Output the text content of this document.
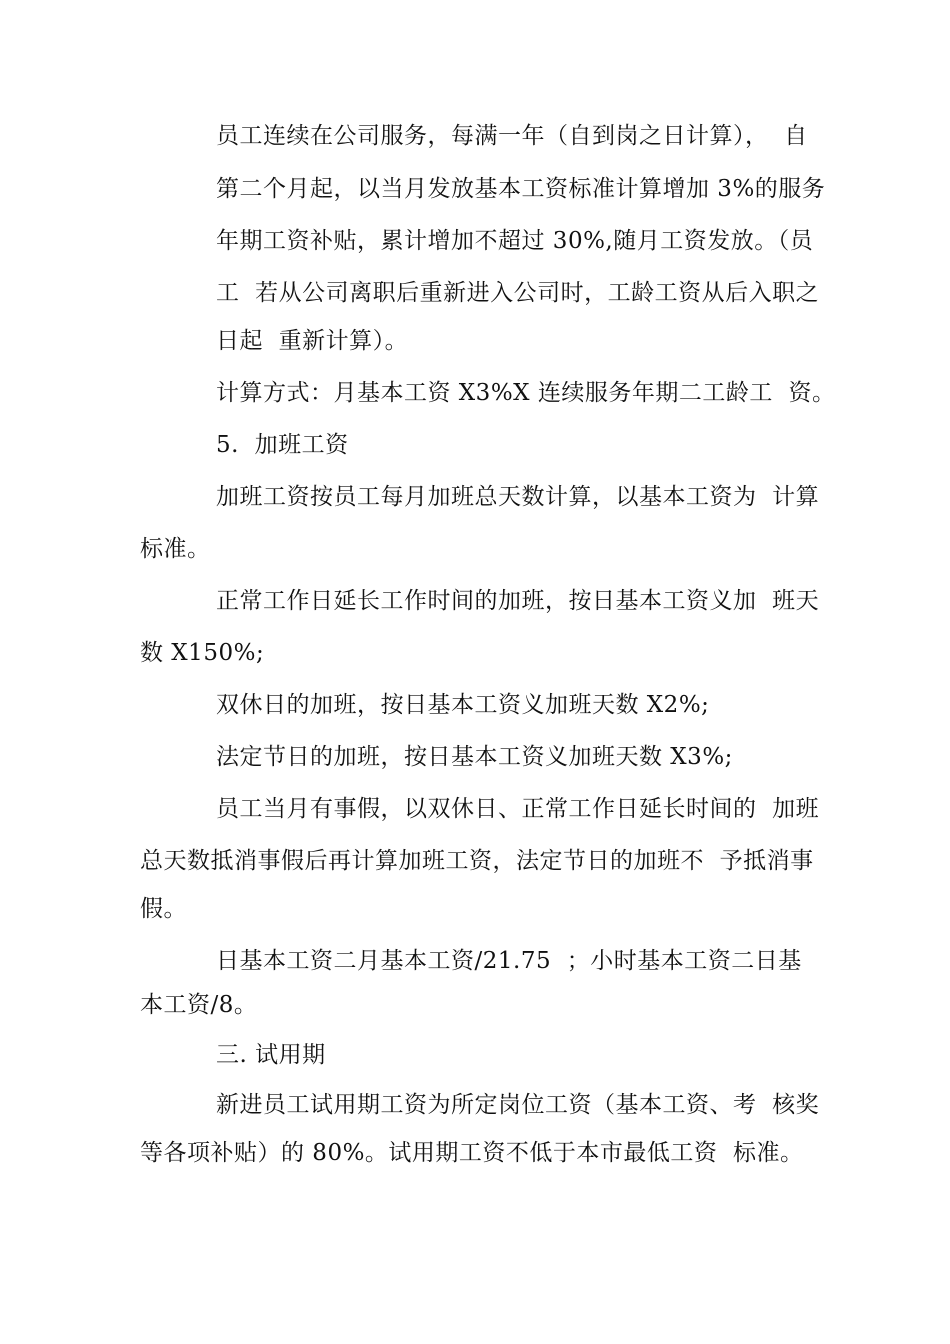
员工连续在公司服务，每满一年（自到岗之日计算），  自
第二个月起，以当月发放基本工资标准计算增加 3%的服务
年期工资补贴，累计增加不超过 30%,随月工资发放。（员
工  若从公司离职后重新进入公司时，工龄工资从后入职之
日起  重新计算）。
计算方式：月基本工资 X3%X 连续服务年期二工龄工  资。
5.  加班工资
加班工资按员工每月加班总天数计算，以基本工资为  计算
标准。
正常工作日延长工作时间的加班，按日基本工资义加  班天
数 X150%;
双休日的加班，按日基本工资义加班天数 X2%;
法定节日的加班，按日基本工资义加班天数 X3%;
员工当月有事假，以双休日、正常工作日延长时间的  加班
总天数抵消事假后再计算加班工资，法定节日的加班不  予抵消事
假。
日基本工资二月基本工资/21.75  ；小时基本工资二日基
本工资/8。
三. 试用期
新进员工试用期工资为所定岗位工资（基本工资、考  核奖
等各项补贴）的 80%。试用期工资不低于本市最低工资  标准。
